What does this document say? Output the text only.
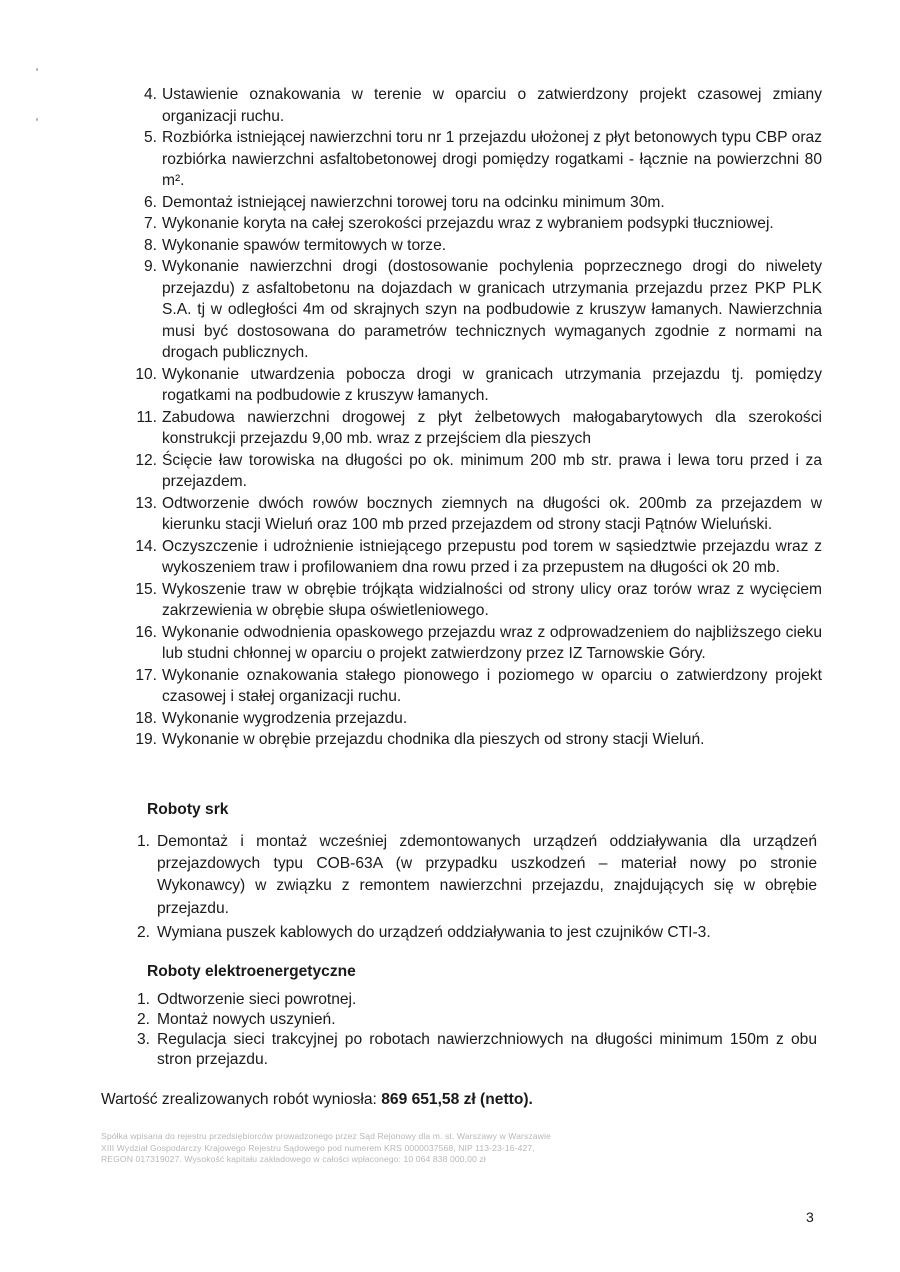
4. Ustawienie oznakowania w terenie w oparciu o zatwierdzony projekt czasowej zmiany organizacji ruchu.
5. Rozbiórka istniejącej nawierzchni toru nr 1 przejazdu ułożonej z płyt betonowych typu CBP oraz rozbiórka nawierzchni asfaltobetonowej drogi pomiędzy rogatkami - łącznie na powierzchni 80 m².
6. Demontaż istniejącej nawierzchni torowej toru na odcinku minimum 30m.
7. Wykonanie koryta na całej szerokości przejazdu wraz z wybraniem podsypki tłuczniowej.
8. Wykonanie spawów termitowych w torze.
9. Wykonanie nawierzchni drogi (dostosowanie pochylenia poprzecznego drogi do niwelety przejazdu) z asfaltobetonu na dojazdach w granicach utrzymania przejazdu przez PKP PLK S.A. tj w odległości 4m od skrajnych szyn na podbudowie z kruszyw łamanych. Nawierzchnia musi być dostosowana do parametrów technicznych wymaganych zgodnie z normami na drogach publicznych.
10. Wykonanie utwardzenia pobocza drogi w granicach utrzymania przejazdu tj. pomiędzy rogatkami na podbudowie z kruszyw łamanych.
11. Zabudowa nawierzchni drogowej z płyt żelbetowych małogabarytowych dla szerokości konstrukcji przejazdu 9,00 mb. wraz z przejściem dla pieszych
12. Ścięcie ław torowiska na długości po ok. minimum 200 mb str. prawa i lewa toru przed i za przejazdem.
13. Odtworzenie dwóch rowów bocznych ziemnych na długości ok. 200mb za przejazdem w kierunku stacji Wieluń oraz 100 mb przed przejazdem od strony stacji Pątnów Wieluński.
14. Oczyszczenie i udrożnienie istniejącego przepustu pod torem w sąsiedztwie przejazdu wraz z wykoszeniem traw i profilowaniem dna rowu przed i za przepustem na długości ok 20 mb.
15. Wykoszenie traw w obrębie trójkąta widzialności od strony ulicy oraz torów wraz z wycięciem zakrzewienia w obrębie słupa oświetleniowego.
16. Wykonanie odwodnienia opaskowego przejazdu wraz z odprowadzeniem do najbliższego cieku lub studni chłonnej w oparciu o projekt zatwierdzony przez IZ Tarnowskie Góry.
17. Wykonanie oznakowania stałego pionowego i poziomego w oparciu o zatwierdzony projekt czasowej i stałej organizacji ruchu.
18. Wykonanie wygrodzenia przejazdu.
19. Wykonanie w obrębie przejazdu chodnika dla pieszych od strony stacji Wieluń.
Roboty srk
1. Demontaż i montaż wcześniej zdemontowanych urządzeń oddziaływania dla urządzeń przejazdowych typu COB-63A (w przypadku uszkodzeń – materiał nowy po stronie Wykonawcy) w związku z remontem nawierzchni przejazdu, znajdujących się w obrębie przejazdu.
2. Wymiana puszek kablowych do urządzeń oddziaływania to jest czujników CTI-3.
Roboty elektroenergetyczne
1. Odtworzenie sieci powrotnej.
2. Montaż nowych uszynień.
3. Regulacja sieci trakcyjnej po robotach nawierzchniowych na długości minimum 150m z obu stron przejazdu.
Wartość zrealizowanych robót wyniosła: 869 651,58 zł (netto).
Spółka wpisana do rejestru przedsiębiorców prowadzonego przez Sąd Rejonowy dla m. st. Warszawy w Warszawie
XIII Wydział Gospodarczy Krajowego Rejestru Sądowego pod numerem KRS 0000037568, NIP 113-23-16-427,
REGON 017319027. Wysokość kapitału zakładowego w całości wpłaconego: 10 064 838 000,00 zł
3
